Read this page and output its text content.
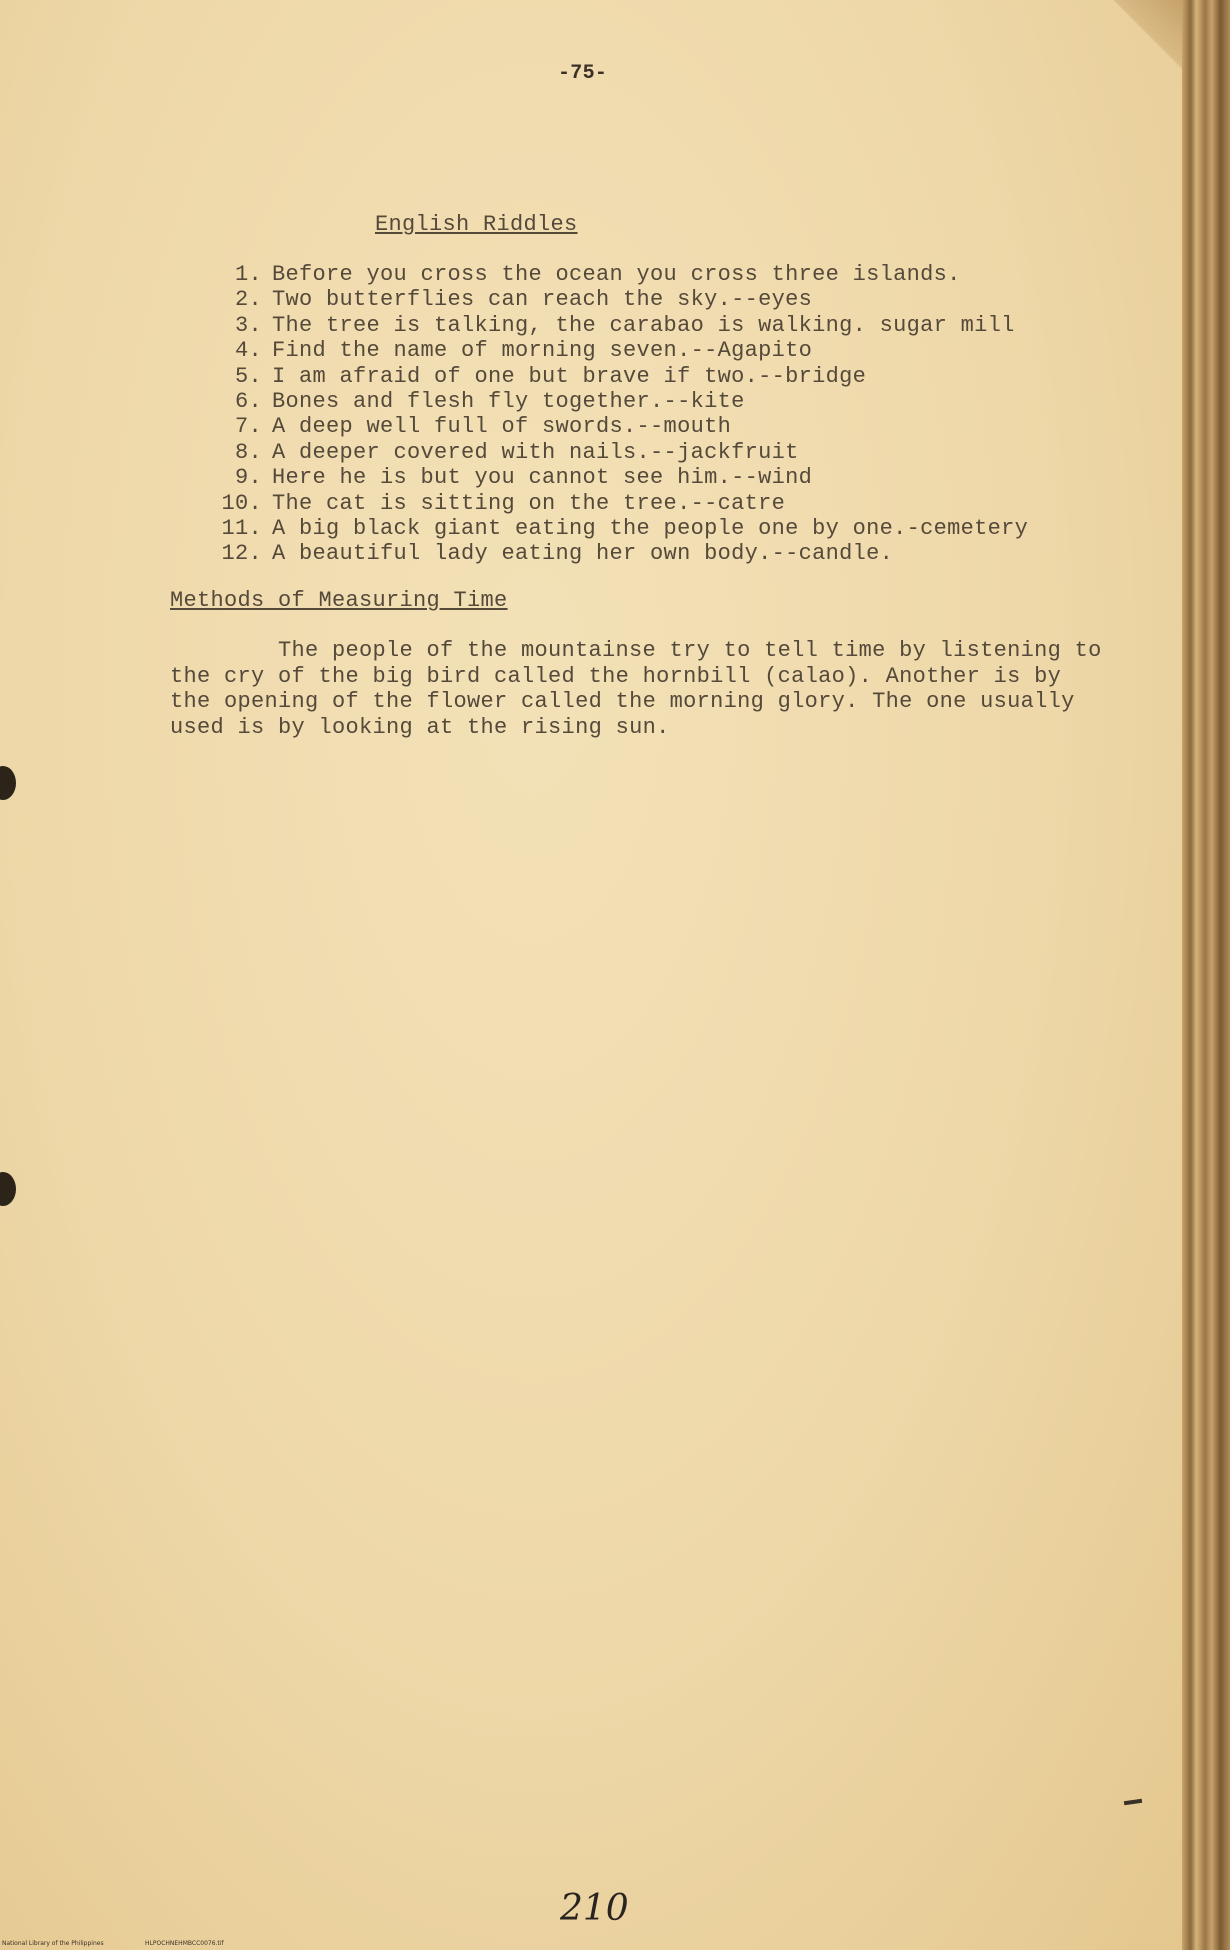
-75-
English Riddles
1. Before you cross the ocean you cross three islands.
2. Two butterflies can reach the sky.--eyes
3. The tree is talking, the carabao is walking. sugar mill
4. Find the name of morning seven.--Agapito
5. I am afraid of one but brave if two.--bridge
6. Bones and flesh fly together.--kite
7. A deep well full of swords.--mouth
8. A deeper covered with nails.--jackfruit
9. Here he is but you cannot see him.--wind
10. The cat is sitting on the tree.--catre
11. A big black giant eating the people one by one.-cemetery
12. A beautiful lady eating her own body.--candle.
Methods of Measuring Time

The people of the mountainse try to tell time by listening to the cry of the big bird called the hornbill (calao). Another is by the opening of the flower called the morning glory. The one usually used is by looking at the rising sun.

210
National Library of the Philippines	HLPOCHNEHMBCC0076.tif
